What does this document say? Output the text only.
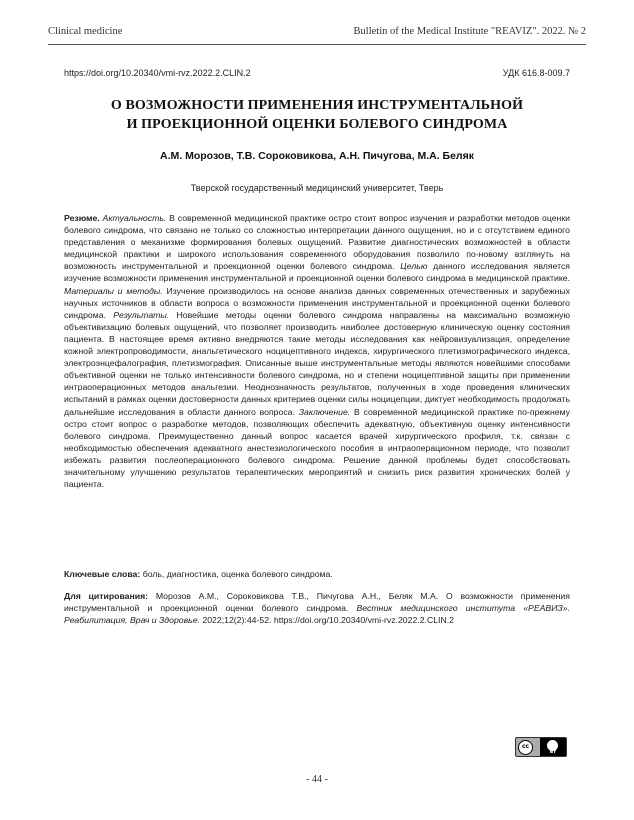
Clinical medicine	Bulletin of the Medical Institute "REAVIZ". 2022. № 2
https://doi.org/10.20340/vmi-rvz.2022.2.CLIN.2	УДК 616.8-009.7
О ВОЗМОЖНОСТИ ПРИМЕНЕНИЯ ИНСТРУМЕНТАЛЬНОЙ
И ПРОЕКЦИОННОЙ ОЦЕНКИ БОЛЕВОГО СИНДРОМА
А.М. Морозов, Т.В. Сороковикова, А.Н. Пичугова, М.А. Беляк
Тверской государственный медицинский университет, Тверь

Резюме. Актуальность. В современной медицинской практике остро стоит вопрос изучения и разработки методов оценки болевого синдрома, что связано не только со сложностью интерпретации данного ощущения, но и с отсутствием единого представления о механизме формирования болевых ощущений. Развитие диагностических возможностей в области медицинской практики и широкого использования современного оборудования позволило по-новому взглянуть на возможность инструментальной и проекционной оценки болевого синдрома. Целью данного исследования является изучение возможности применения инструментальной и проекционной оценки болевого синдрома в медицинской практике. Материалы и методы. Изучение производилось на основе анализа данных современных отечественных и зарубежных научных источников в области вопроса о возможности применения инструментальной и проекционной оценки болевого синдрома. Результаты. Новейшие методы оценки болевого синдрома направлены на максимально возможную объективизацию болевых ощущений, что позволяет производить наиболее достоверную клиническую оценку состояния пациента. В настоящее время активно внедряются такие методы исследования как нейровизуализация, определение кожной электропроводимости, анальгетического ноцицептивного индекса, хирургического плетизмографического индекса, электроэнцефалография, плетизмография. Описанные выше инструментальные методы являются новейшими способами объективной оценки не только интенсивности болевого синдрома, но и степени ноцицептивной защиты при применении интраоперационных методов анальгезии. Неоднозначность результатов, полученных в ходе проведения клинических испытаний в рамках оценки достоверности данных критериев оценки силы ноцицепции, диктует необходимость продолжать дальнейшие исследования в области данного вопроса. Заключение. В современной медицинской практике по-прежнему остро стоит вопрос о разработке методов, позволяющих обеспечить адекватную, объективную оценку интенсивности болевого синдрома. Преимущественно данный вопрос касается врачей хирургического профиля, т.к. связан с необходимостью обеспечения адекватного анестезиологического пособия в интраоперационном периоде, что позволит избежать развития послеоперационного болевого синдрома. Решение данной проблемы будет способствовать значительному улучшению результатов терапевтических мероприятий и снизить риск развития хронических болей у пациента.

Ключевые слова: боль, диагностика, оценка болевого синдрома.
Для цитирования: Морозов А.М., Сороковикова Т.В., Пичугова А.Н., Беляк М.А. О возможности применения инструментальной и проекционной оценки болевого синдрома. Вестник медицинского института «РЕАВИЗ». Реабилитация, Врач и Здоровье. 2022;12(2):44-52. https://doi.org/10.20340/vmi-rvz.2022.2.CLIN.2
cc
BY
- 44 -
